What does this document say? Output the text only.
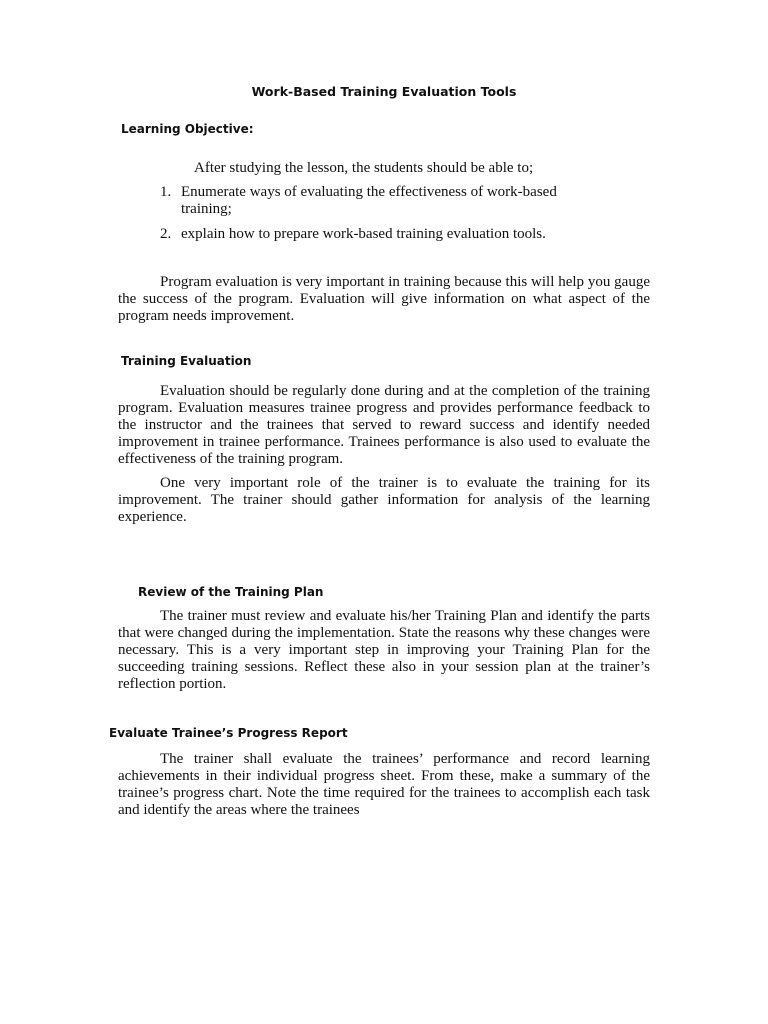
Work-Based Training Evaluation Tools
Learning Objective:
After studying the lesson, the students should be able to;
1. Enumerate ways of evaluating the effectiveness of work-based training;
2. explain how to prepare work-based training evaluation tools.

Program evaluation is very important in training because this will help you gauge the success of the program. Evaluation will give information on what aspect of the program needs improvement.

Training Evaluation

Evaluation should be regularly done during and at the completion of the training program. Evaluation measures trainee progress and provides performance feedback to the instructor and the trainees that served to reward success and identify needed improvement in trainee performance. Trainees performance is also used to evaluate the effectiveness of the training program.

One very important role of the trainer is to evaluate the training for its improvement. The trainer should gather information for analysis of the learning experience.

Review of the Training Plan

The trainer must review and evaluate his/her Training Plan and identify the parts that were changed during the implementation. State the reasons why these changes were necessary. This is a very important step in improving your Training Plan for the succeeding training sessions. Reflect these also in your session plan at the trainer’s reflection portion.

Evaluate Trainee’s Progress Report

The trainer shall evaluate the trainees’ performance and record learning achievements in their individual progress sheet. From these, make a summary of the trainee’s progress chart. Note the time required for the trainees to accomplish each task and identify the areas where the trainees
